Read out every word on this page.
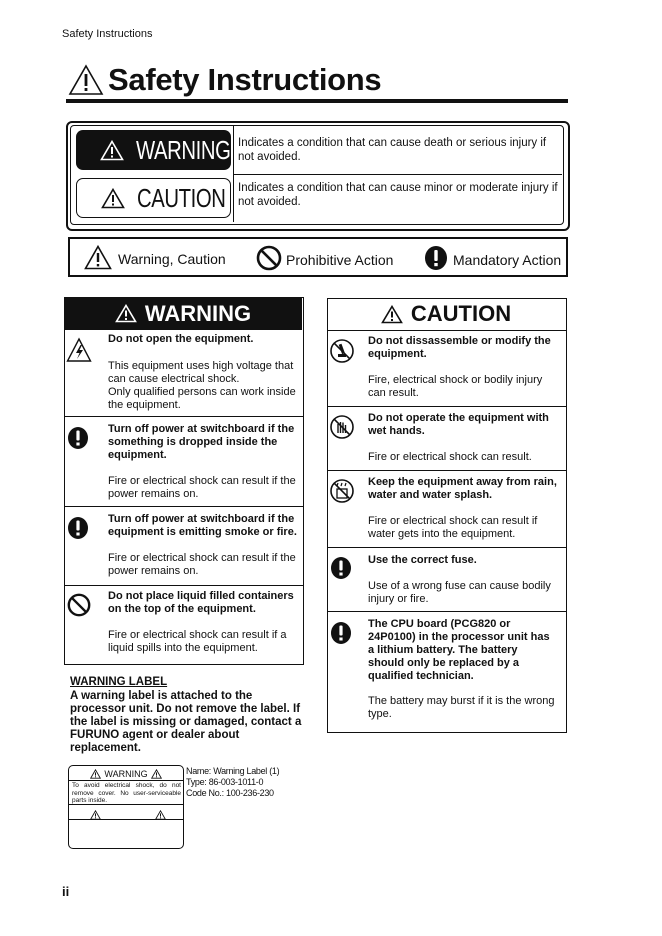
Safety Instructions
Safety Instructions
WARNING Indicates a condition that can cause death or serious injury if not avoided.
CAUTION Indicates a condition that can cause minor or moderate injury if not avoided.
Warning, Caution	Prohibitive Action	Mandatory Action
WARNING
Do not open the equipment.
This equipment uses high voltage that can cause electrical shock.
Only qualified persons can work inside the equipment.
Turn off power at switchboard if the something is dropped inside the equipment.
Fire or electrical shock can result if the power remains on.
Turn off power at switchboard if the equipment is emitting smoke or fire.
Fire or electrical shock can result if the power remains on.
Do not place liquid filled containers on the top of the equipment.
Fire or electrical shock can result if a liquid spills into the equipment.
CAUTION
Do not dissassemble or modify the equipment.
Fire, electrical shock or bodily injury can result.
Do not operate the equipment with wet hands.
Fire or electrical shock can result.
Keep the equipment away from rain, water and water splash.
Fire or electrical shock can result if water gets into the equipment.
Use the correct fuse.
Use of a wrong fuse can cause bodily injury or fire.
The CPU board (PCG820 or 24P0100) in the processor unit has a lithium battery. The battery should only be replaced by a qualified technician.
The battery may burst if it is the wrong type.
WARNING LABEL
A warning label is attached to the processor unit. Do not remove the label. If the label is missing or damaged, contact a FURUNO agent or dealer about replacement.
WARNING
To avoid electrical shock, do not remove cover. No user-serviceable parts inside.
Name: Warning Label (1)
Type: 86-003-1011-0
Code No.: 100-236-230
ii
